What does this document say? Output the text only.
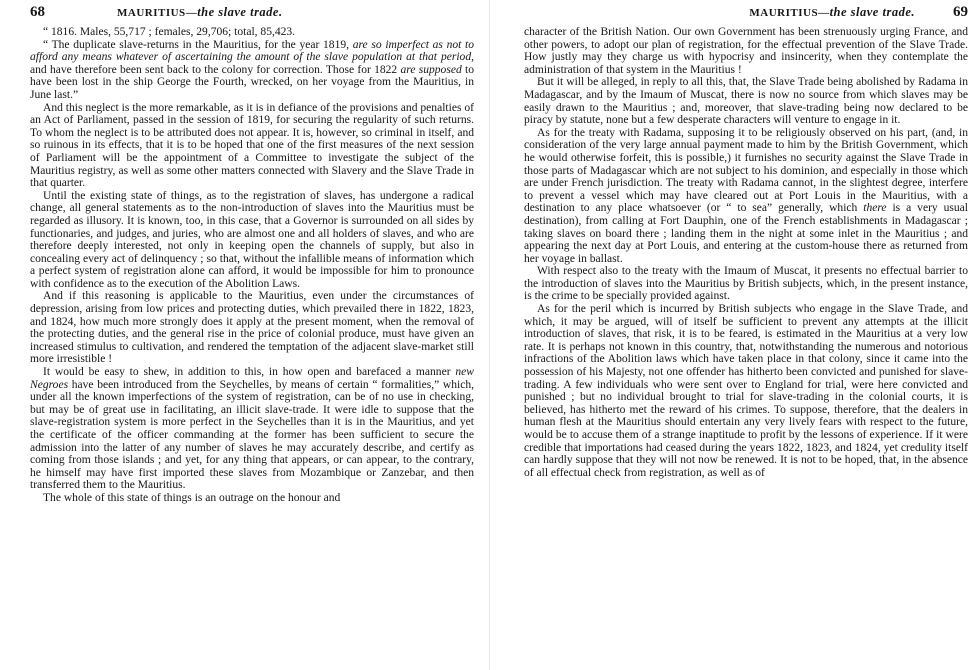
68	MAURITIUS—the slave trade.

“ 1816. Males, 55,717 ; females, 29,706; total, 85,423.

“ The duplicate slave-returns in the Mauritius, for the year 1819, are so imperfect as not to afford any means whatever of ascertaining the amount of the slave population at that period, and have therefore been sent back to the colony for correction. Those for 1822 are supposed to have been lost in the ship George the Fourth, wrecked, on her voyage from the Mauritius, in June last.”

And this neglect is the more remarkable, as it is in defiance of the provisions and penalties of an Act of Parliament, passed in the session of 1819, for securing the regularity of such returns. To whom the neglect is to be attributed does not appear. It is, however, so criminal in itself, and so ruinous in its effects, that it is to be hoped that one of the first measures of the next session of Parliament will be the appointment of a Committee to investigate the subject of the Mauritius registry, as well as some other matters connected with Slavery and the Slave Trade in that quarter.

Until the existing state of things, as to the registration of slaves, has undergone a radical change, all general statements as to the non-introduction of slaves into the Mauritius must be regarded as illusory. It is known, too, in this case, that a Governor is surrounded on all sides by functionaries, and judges, and juries, who are almost one and all holders of slaves, and who are therefore deeply interested, not only in keeping open the channels of supply, but also in concealing every act of delinquency ; so that, without the infallible means of information which a perfect system of registration alone can afford, it would be impossible for him to pronounce with confidence as to the execution of the Abolition Laws.

And if this reasoning is applicable to the Mauritius, even under the circumstances of depression, arising from low prices and protecting duties, which prevailed there in 1822, 1823, and 1824, how much more strongly does it apply at the present moment, when the removal of the protecting duties, and the general rise in the price of colonial produce, must have given an increased stimulus to cultivation, and rendered the temptation of the adjacent slave-market still more irresistible !

It would be easy to shew, in addition to this, in how open and barefaced a manner new Negroes have been introduced from the Seychelles, by means of certain “ formalities,” which, under all the known imperfections of the system of registration, can be of no use in checking, but may be of great use in facilitating, an illicit slave-trade. It were idle to suppose that the slave-registration system is more perfect in the Seychelles than it is in the Mauritius, and yet the certificate of the officer commanding at the former has been sufficient to secure the admission into the latter of any number of slaves he may accurately describe, and certify as coming from those islands ; and yet, for any thing that appears, or can appear, to the contrary, he himself may have first imported these slaves from Mozambique or Zanzebar, and then transferred them to the Mauritius.

The whole of this state of things is an outrage on the honour and

MAURITIUS—the slave trade.	69

character of the British Nation. Our own Government has been strenuously urging France, and other powers, to adopt our plan of registration, for the effectual prevention of the Slave Trade. How justly may they charge us with hypocrisy and insincerity, when they contemplate the administration of that system in the Mauritius !

But it will be alleged, in reply to all this, that, the Slave Trade being abolished by Radama in Madagascar, and by the Imaum of Muscat, there is now no source from which slaves may be easily drawn to the Mauritius ; and, moreover, that slave-trading being now declared to be piracy by statute, none but a few desperate characters will venture to engage in it.

As for the treaty with Radama, supposing it to be religiously observed on his part, (and, in consideration of the very large annual payment made to him by the British Government, which he would otherwise forfeit, this is possible,) it furnishes no security against the Slave Trade in those parts of Madagascar which are not subject to his dominion, and especially in those which are under French jurisdiction. The treaty with Radama cannot, in the slightest degree, interfere to prevent a vessel which may have cleared out at Port Louis in the Mauritius, with a destination to any place whatsoever (or “ to sea” generally, which there is a very usual destination), from calling at Fort Dauphin, one of the French establishments in Madagascar ; taking slaves on board there ; landing them in the night at some inlet in the Mauritius ; and appearing the next day at Port Louis, and entering at the custom-house there as returned from her voyage in ballast.

With respect also to the treaty with the Imaum of Muscat, it presents no effectual barrier to the introduction of slaves into the Mauritius by British subjects, which, in the present instance, is the crime to be specially provided against.

As for the peril which is incurred by British subjects who engage in the Slave Trade, and which, it may be argued, will of itself be sufficient to prevent any attempts at the illicit introduction of slaves, that risk, it is to be feared, is estimated in the Mauritius at a very low rate. It is perhaps not known in this country, that, notwithstanding the numerous and notorious infractions of the Abolition laws which have taken place in that colony, since it came into the possession of his Majesty, not one offender has hitherto been convicted and punished for slave-trading. A few individuals who were sent over to England for trial, were here convicted and punished ; but no individual brought to trial for slave-trading in the colonial courts, it is believed, has hitherto met the reward of his crimes. To suppose, therefore, that the dealers in human flesh at the Mauritius should entertain any very lively fears with respect to the future, would be to accuse them of a strange inaptitude to profit by the lessons of experience. If it were credible that importations had ceased during the years 1822, 1823, and 1824, yet credulity itself can hardly suppose that they will not now be renewed. It is not to be hoped, that, in the absence of all effectual check from registration, as well as of
